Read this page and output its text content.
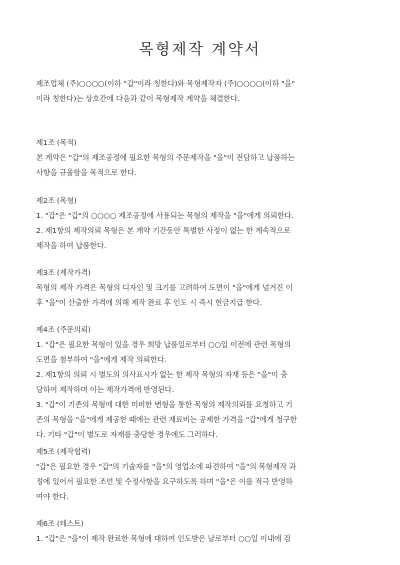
목형제작 계약서
제조업체 (주)○○○○(이하 "갑"이라 칭한다)와 목형제작자 (주)○○○○(이하 "을"
이라 칭한다)는 상호간에 다음과 같이 목형제작 계약을 체결한다.
제1조 (목적)
본 계약은 "갑"의 제조공정에 필요한 목형의 주문제작을 "을"이 전담하고 납품하는
사항을 규율함을 목적으로 한다.
제2조 (목형)
1. "갑"은 "갑"의 ○○○○ 제조공정에 사용되는 목형의 제작을 "을"에게 의뢰한다.
2. 제1항의 제작의뢰 목형은 본 계약 기간동안 특별한 사정이 없는 한 계속적으로
제작을 하여 납품한다.
제3조 (제작가격)
목형의 제작 가격은 목형의 디자인 및 크기를 고려하여 도면이 "을"에게 넘겨진 이
후 "을"이 산출한 가격에 의해 제작 완료 후 인도 시 즉시 현금지급 한다.
제4조 (주문의뢰)
1. "갑"은 필요한 목형이 있을 경우 희망 납품일로부터 ○○일 이전에 관련 목형의
도면을 첨부하여 "을"에게 제작 의뢰한다.
2. 제1항의 의뢰 시 별도의 의사표시가 없는 한 제작 목형의 자재 등은 "을"이 충
당하여 제작하며 이는 제작가격에 반영된다.
3. "갑"이 기존의 목형에 대한 미비한 변형을 통한 목형의 제작의뢰를 요청하고 기
존의 목형을 "을"에게 제공한 때에는 관련 재료비는 공제한 가격을 "갑"에게 청구한
다. 기타 "갑"이 별도로 자재를 충당한 경우에도 그러하다.
제5조 (제작협력)
"갑"은 필요한 경우 "갑"의 기술자를 "을"의 영업소에 파견하여 "을"의 목형제작 과
정에 있어서 필요한 조언 및 수정사항을 요구하도록 하며 "을"은 이를 적극 반영하
여야 한다.
제6조 (테스트)
1. "갑"은 "을"이 제작 완료한 목형에 대하여 인도받은 날로부터 ○○일 이내에 검
